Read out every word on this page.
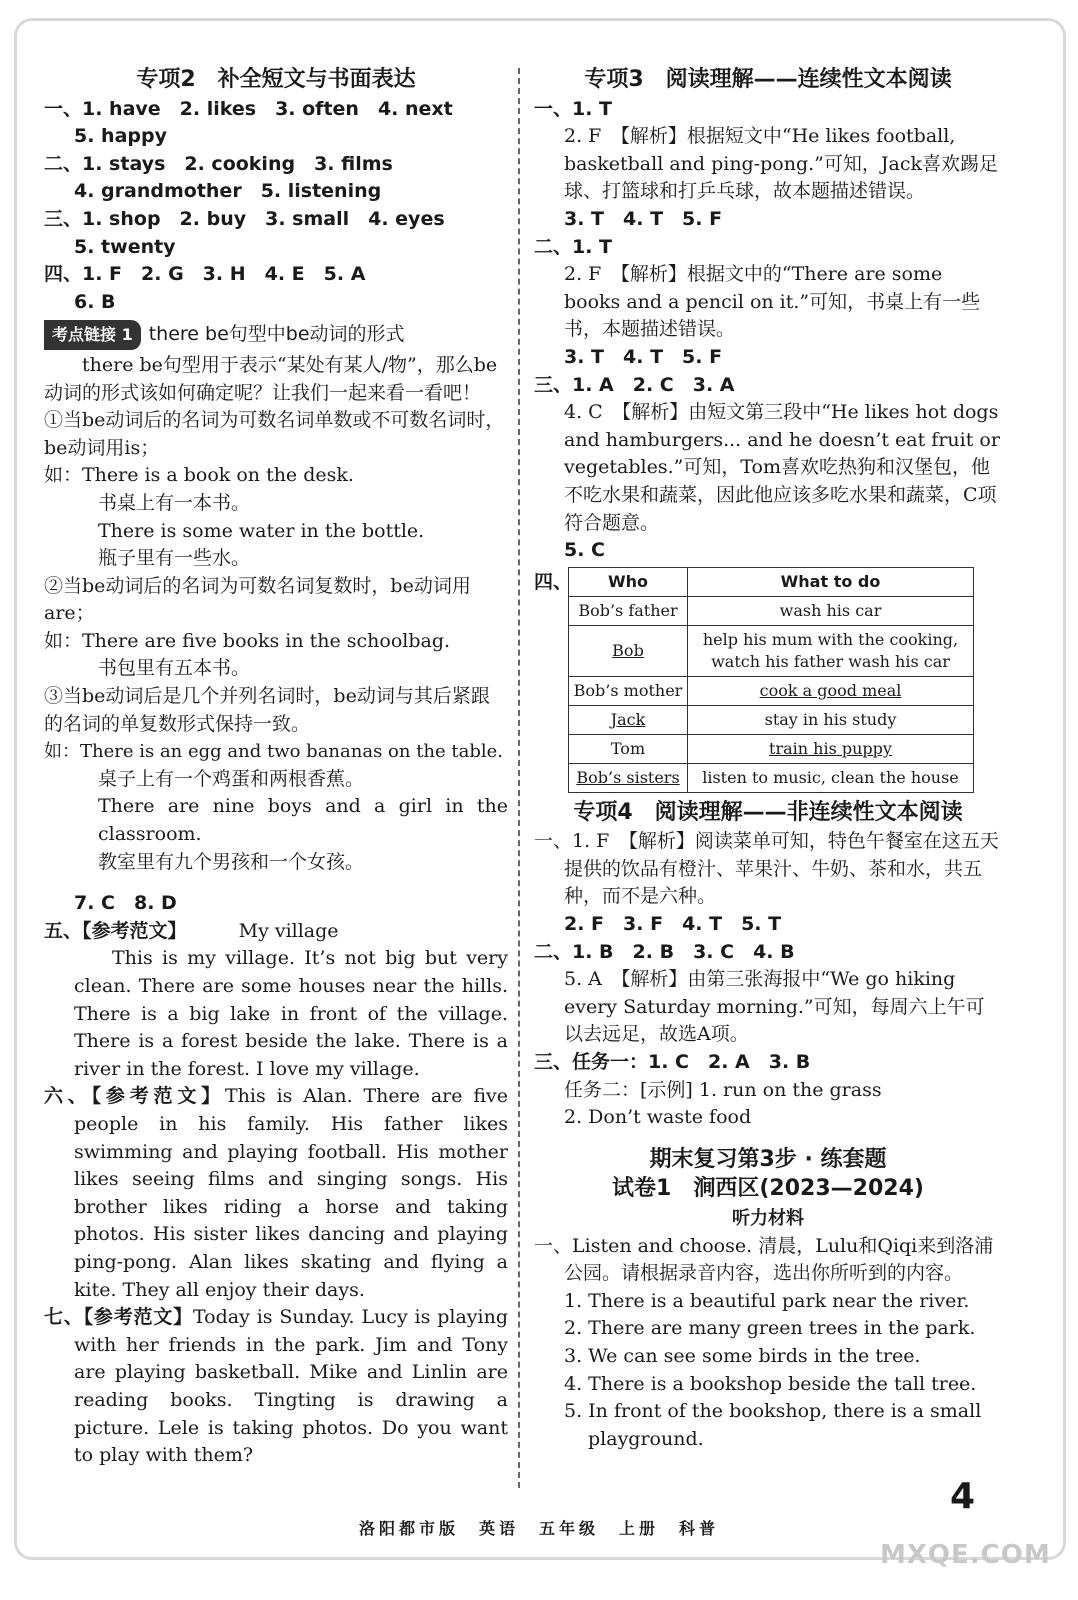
专项2　补全短文与书面表达
一、1. have　2. likes　3. often　4. next
5. happy
二、1. stays　2. cooking　3. films
4. grandmother　5. listening
三、1. shop　2. buy　3. small　4. eyes
5. twenty
四、1. F　2. G　3. H　4. E　5. A
6. B
考点链接 1 there be句型中be动词的形式
there be句型用于表示“某处有某人/物”，那么be动词的形式该如何确定呢？让我们一起来看一看吧！
①当be动词后的名词为可数名词单数或不可数名词时，be动词用is；
如：There is a book on the desk.
书桌上有一本书。
There is some water in the bottle.
瓶子里有一些水。
②当be动词后的名词为可数名词复数时，be动词用are；
如：There are five books in the schoolbag.
书包里有五本书。
③当be动词后是几个并列名词时，be动词与其后紧跟的名词的单复数形式保持一致。
如：There is an egg and two bananas on the table.
桌子上有一个鸡蛋和两根香蕉。
There are nine boys and a girl in the classroom.
教室里有九个男孩和一个女孩。
7. C　8. D
五、【参考范文】	My village
This is my village. It’s not big but very clean. There are some houses near the hills. There is a big lake in front of the village. There is a forest beside the lake. There is a river in the forest. I love my village.
六、【参考范文】This is Alan. There are five people in his family. His father likes swimming and playing football. His mother likes seeing films and singing songs. His brother likes riding a horse and taking photos. His sister likes dancing and playing ping-pong. Alan likes skating and flying a kite. They all enjoy their days.
七、【参考范文】Today is Sunday. Lucy is playing with her friends in the park. Jim and Tony are playing basketball. Mike and Linlin are reading books. Tingting is drawing a picture. Lele is taking photos. Do you want to play with them?
专项3　阅读理解——连续性文本阅读
一、1. T
2. F　【解析】根据短文中“He likes football, basketball and ping-pong.”可知，Jack喜欢踢足球、打篮球和打乒乓球，故本题描述错误。
3. T　4. T　5. F
二、1. T
2. F　【解析】根据文中的“There are some books and a pencil on it.”可知，书桌上有一些书，本题描述错误。
3. T　4. T　5. F
三、1. A　2. C　3. A
4. C　【解析】由短文第三段中“He likes hot dogs and hamburgers... and he doesn’t eat fruit or vegetables.”可知，Tom喜欢吃热狗和汉堡包，他不吃水果和蔬菜，因此他应该多吃水果和蔬菜，C项符合题意。
5. C
四、 Who	What to do
Bob’s father	wash his car
Bob	help his mum with the cooking, watch his father wash his car
Bob’s mother	cook a good meal
Jack	stay in his study
Tom	train his puppy
Bob’s sisters	listen to music, clean the house
专项4　阅读理解——非连续性文本阅读
一、1. F　【解析】阅读菜单可知，特色午餐室在这五天提供的饮品有橙汁、苹果汁、牛奶、茶和水，共五种，而不是六种。
2. F　3. F　4. T　5. T
二、1. B　2. B　3. C　4. B
5. A　【解析】由第三张海报中“We go hiking every Saturday morning.”可知，每周六上午可以去远足，故选A项。
三、任务一：1. C　2. A　3. B
任务二：[示例] 1. run on the grass
2. Don’t waste food
期末复习第3步 · 练套题
试卷1　涧西区(2023—2024)
听力材料
一、Listen and choose. 清晨，Lulu和Qiqi来到洛浦公园。请根据录音内容，选出你所听到的内容。
1. There is a beautiful park near the river.
2. There are many green trees in the park.
3. We can see some birds in the tree.
4. There is a bookshop beside the tall tree.
5. In front of the bookshop, there is a small playground.
4
洛阳都市版　英语　五年级　上册　科普
MXQE.COM
